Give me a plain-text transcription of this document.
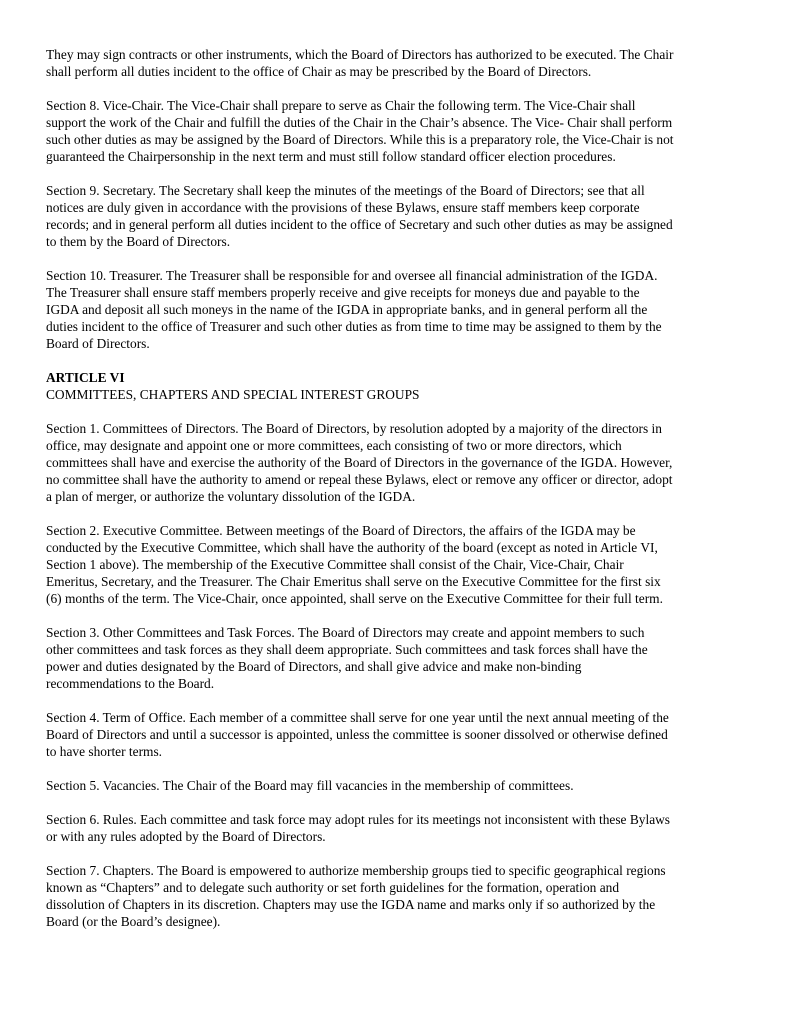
They may sign contracts or other instruments, which the Board of Directors has authorized to be executed. The Chair
shall perform all duties incident to the office of Chair as may be prescribed by the Board of Directors.
Section 8. Vice-Chair. The Vice-Chair shall prepare to serve as Chair the following term. The Vice-Chair shall
support the work of the Chair and fulfill the duties of the Chair in the Chair’s absence. The Vice- Chair shall perform
such other duties as may be assigned by the Board of Directors. While this is a preparatory role, the Vice-Chair is not
guaranteed the Chairpersonship in the next term and must still follow standard officer election procedures.
Section 9. Secretary. The Secretary shall keep the minutes of the meetings of the Board of Directors; see that all
notices are duly given in accordance with the provisions of these Bylaws, ensure staff members keep corporate
records; and in general perform all duties incident to the office of Secretary and such other duties as may be assigned
to them by the Board of Directors.
Section 10. Treasurer. The Treasurer shall be responsible for and oversee all financial administration of the IGDA.
The Treasurer shall ensure staff members properly receive and give receipts for moneys due and payable to the
IGDA and deposit all such moneys in the name of the IGDA in appropriate banks, and in general perform all the
duties incident to the office of Treasurer and such other duties as from time to time may be assigned to them by the
Board of Directors.
ARTICLE VI
COMMITTEES, CHAPTERS AND SPECIAL INTEREST GROUPS
Section 1. Committees of Directors. The Board of Directors, by resolution adopted by a majority of the directors in
office, may designate and appoint one or more committees, each consisting of two or more directors, which
committees shall have and exercise the authority of the Board of Directors in the governance of the IGDA. However,
no committee shall have the authority to amend or repeal these Bylaws, elect or remove any officer or director, adopt
a plan of merger, or authorize the voluntary dissolution of the IGDA.
Section 2. Executive Committee. Between meetings of the Board of Directors, the affairs of the IGDA may be
conducted by the Executive Committee, which shall have the authority of the board (except as noted in Article VI,
Section 1 above). The membership of the Executive Committee shall consist of the Chair, Vice-Chair, Chair
Emeritus, Secretary, and the Treasurer. The Chair Emeritus shall serve on the Executive Committee for the first six
(6) months of the term. The Vice-Chair, once appointed, shall serve on the Executive Committee for their full term.
Section 3. Other Committees and Task Forces. The Board of Directors may create and appoint members to such
other committees and task forces as they shall deem appropriate. Such committees and task forces shall have the
power and duties designated by the Board of Directors, and shall give advice and make non-binding
recommendations to the Board.
Section 4. Term of Office. Each member of a committee shall serve for one year until the next annual meeting of the
Board of Directors and until a successor is appointed, unless the committee is sooner dissolved or otherwise defined
to have shorter terms.
Section 5. Vacancies. The Chair of the Board may fill vacancies in the membership of committees.
Section 6. Rules. Each committee and task force may adopt rules for its meetings not inconsistent with these Bylaws
or with any rules adopted by the Board of Directors.
Section 7. Chapters. The Board is empowered to authorize membership groups tied to specific geographical regions
known as “Chapters” and to delegate such authority or set forth guidelines for the formation, operation and
dissolution of Chapters in its discretion. Chapters may use the IGDA name and marks only if so authorized by the
Board (or the Board’s designee).
